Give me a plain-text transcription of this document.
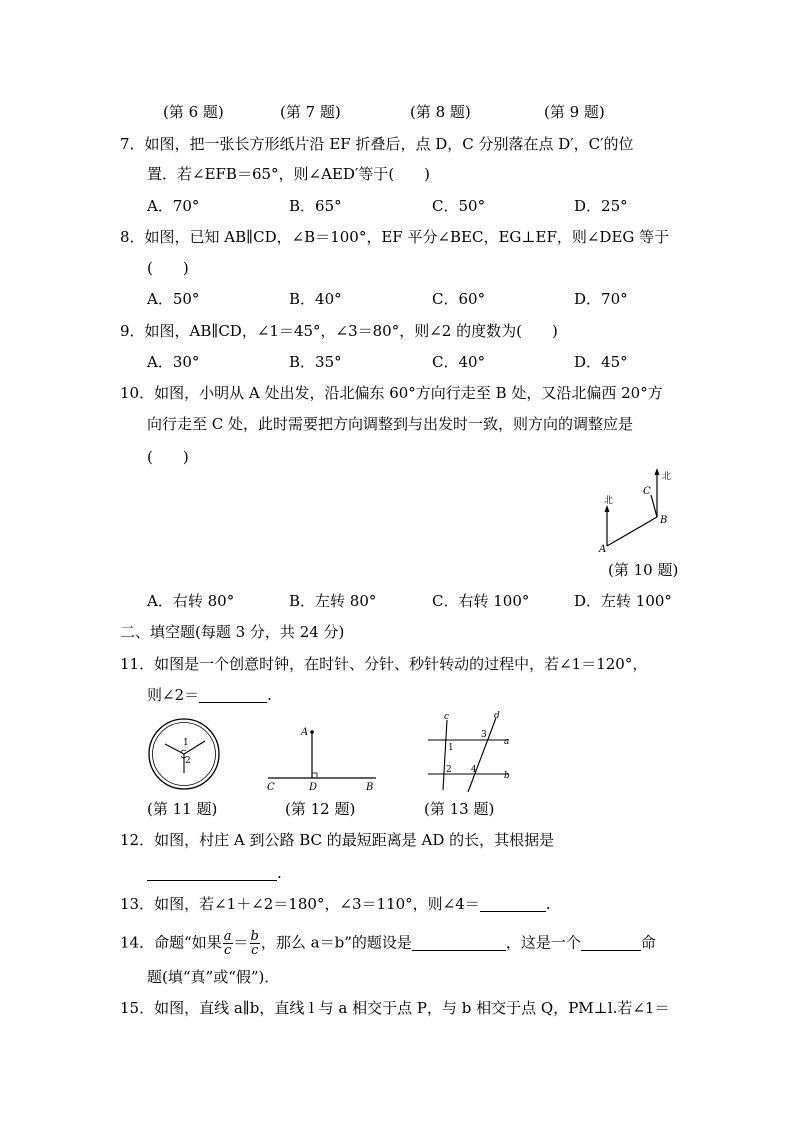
(第 6 题)	(第 7 题)	(第 8 题)	(第 9 题)
7．如图，把一张长方形纸片沿 EF 折叠后，点 D，C 分别落在点 D′，C′的位
置．若∠EFB＝65°，则∠AED′等于(　　)
A．70°	B．65°	C．50°	D．25°
8．如图，已知 AB∥CD，∠B＝100°，EF 平分∠BEC，EG⊥EF，则∠DEG 等于
(　　)
A．50°	B．40°	C．60°	D．70°
9．如图，AB∥CD，∠1＝45°，∠3＝80°，则∠2 的度数为(　　)
A．30°	B．35°	C．40°	D．45°
10．如图，小明从 A 处出发，沿北偏东 60°方向行走至 B 处，又沿北偏西 20°方
向行走至 C 处，此时需要把方向调整到与出发时一致，则方向的调整应是
(　　)
北
北
A
B
C
(第 10 题)
A．右转 80°	B．左转 80°	C．右转 100°	D．左转 100°
二、填空题(每题 3 分，共 24 分)
11．如图是一个创意时钟，在时针、分针、秒针转动的过程中，若∠1＝120°，
则∠2＝	.
1
2
(第 11 题)
A
C	D	B
(第 12 题)
c	d
a
b
1
2
3
4
(第 13 题)
12．如图，村庄 A 到公路 BC 的最短距离是 AD 的长，其根据是
.
13．如图，若∠1＋∠2＝180°，∠3＝110°，则∠4＝	.
14．命题“如果 $\frac{a}{c} = \frac{b}{c}$ ，那么 a＝b”的题设是	，这是一个	命
题(填“真”或“假”)．
15．如图，直线 a∥b，直线 l 与 a 相交于点 P，与 b 相交于点 Q，PM⊥l.若∠1＝
